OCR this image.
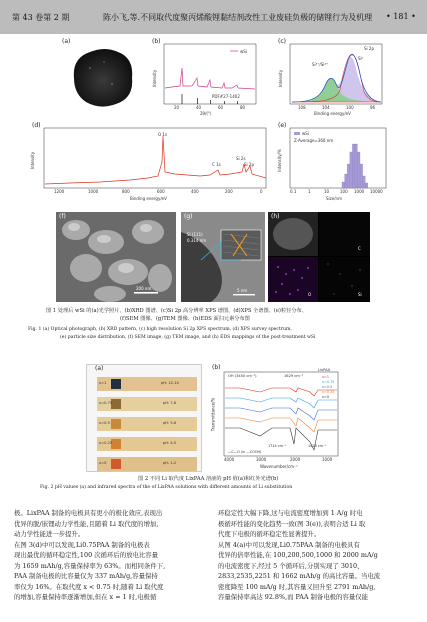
第 43 卷第 2 期	陈小飞,等.不同取代度聚丙烯酸锂黏结剂改性工业废硅负极的储锂行为及机理 • 181 •
(a)	(b)
wSi
PDF#27-1402
20	40	60	80
2θ/(°)
Intensity
(c)
Si 2p
Si⁰
Si³⁺/Si⁴⁺
108	104	100	96
Binding energy/eV
Intensity
(d)
O 1s
C 1s
Si 2s
Si 2p
1200	1000	800	600	400	200	0
Binding energy/eV
Intensity
(e)
wSi
Z-Average=360 nm
0.1	1	10	100 1000 10000
Size/nm
Intensity/%
(f)
200 nm
(g)
Si (111)
0.314 nm
5 nm
(h)
C
O	Si
图 1 处理后 wSi 的(a)光学照片、(b)XRD 图谱、(c)Si 2p 高分辨率 XPS 谱图、(d)XPS 全谱图、(e)粒径分布、
(f)SEM 图像、(g)TEM 图像、(h)EDS 面扫元素分布图
Fig. 1 (a) Optical photograph, (b) XRD pattern, (c) high resolution Si 2p XPS spectrum, (d) XPS survey spectrum,
(e) particle size distribution, (f) SEM image, (g) TEM image, and (h) EDS mappings of the post-treatment wSi
(a)
x=1	pH: 12-14
x=0.75	pH: 7-8
x=0.5	pH: 5-6
x=0.25	pH: 4-5
x=0	pH: 1-2
(b)
OH (3450 cm⁻¹)	1629 cm⁻¹
LixPAA
x=1
x=0.75
x=0.5
x=0.25
x=0
—C—O (in —COOH)
1714 cm⁻¹	1428 cm⁻¹
4000	3000	2000	1000
Wavenumber/cm⁻¹
Transmittance/%
图 2 不同 Li 取代度 LixPAA 溶液的 pH 值(a)和红外光谱(b)
Fig. 2 pH values (a) and infrared spectra of the of LixPAA solutions with different amounts of Li substitution

极。LixPAA 制备的电极具有更小的极化效应,表现出

优异的脱/嵌锂动力学性能,且随着 Li 取代度的增加,

动力学性能进一步提升。

在图 3(d)中可以发现,Li0.75PAA 制备的电极表

现出最优的循环稳定性,100 次循环后的放电比容量

为 1659 mAh/g,容量保持率为 63%。而相同条件下,

PAA 制备电极的比容量仅为 337 mAh/g,容量保持

率仅为 16%。在取代度 x < 0.75 时,随着 Li 取代度

的增加,容量保持率逐渐增加,但在 x = 1 时,电极循

环稳定性大幅下降,这与电流密度增加到 1 A/g 时电

极循环性能的变化趋势一致(图 3(e)),表明合适 Li 取

代度下电极的循环稳定性显著提升。

从图 4(a)中可以发现,Li0.75PAA 制备的电极具有

优异的倍率性能,在 100,200,500,1000 和 2000 mA/g

的电流密度下,经过 5 个循环后,分别实现了 3010、

2833,2535,2251 和 1662 mAh/g 的高比容量。当电流

密度降至 100 mA/g 时,其容量又回升至 2791 mAh/g,

容量保持率高达 92.8%,而 PAA 制备电极的容量仅能
